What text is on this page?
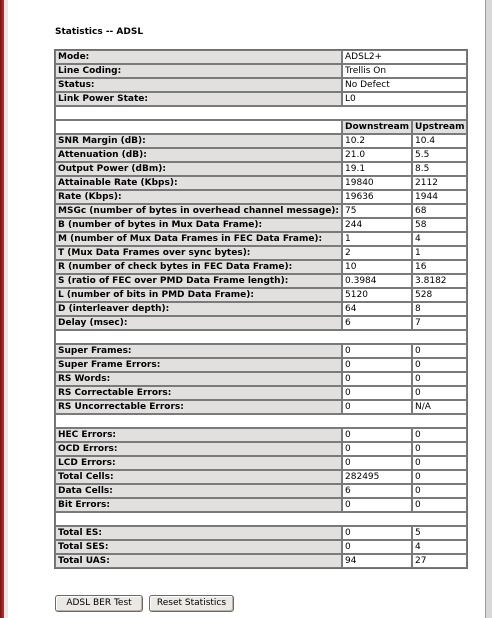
Statistics -- ADSL
Mode:	ADSL2+	
Line Coding:	Trellis On	
Status:	No Defect	
Link Power State:	L0	

	Downstream	Upstream
SNR Margin (dB):	10.2	10.4
Attenuation (dB):	21.0	5.5
Output Power (dBm):	19.1	8.5
Attainable Rate (Kbps):	19840	2112
Rate (Kbps):	19636	1944
MSGc (number of bytes in overhead channel message):	75	68
B (number of bytes in Mux Data Frame):	244	58
M (number of Mux Data Frames in FEC Data Frame):	1	4
T (Mux Data Frames over sync bytes):	2	1
R (number of check bytes in FEC Data Frame):	10	16
S (ratio of FEC over PMD Data Frame length):	0.3984	3.8182
L (number of bits in PMD Data Frame):	5120	528
D (interleaver depth):	64	8
Delay (msec):	6	7

Super Frames:	0	0
Super Frame Errors:	0	0
RS Words:	0	0
RS Correctable Errors:	0	0
RS Uncorrectable Errors:	0	N/A

HEC Errors:	0	0
OCD Errors:	0	0
LCD Errors:	0	0
Total Cells:	282495	0
Data Cells:	6	0
Bit Errors:	0	0

Total ES:	0	5
Total SES:	0	4
Total UAS:	94	27
ADSL BER Test	Reset Statistics
